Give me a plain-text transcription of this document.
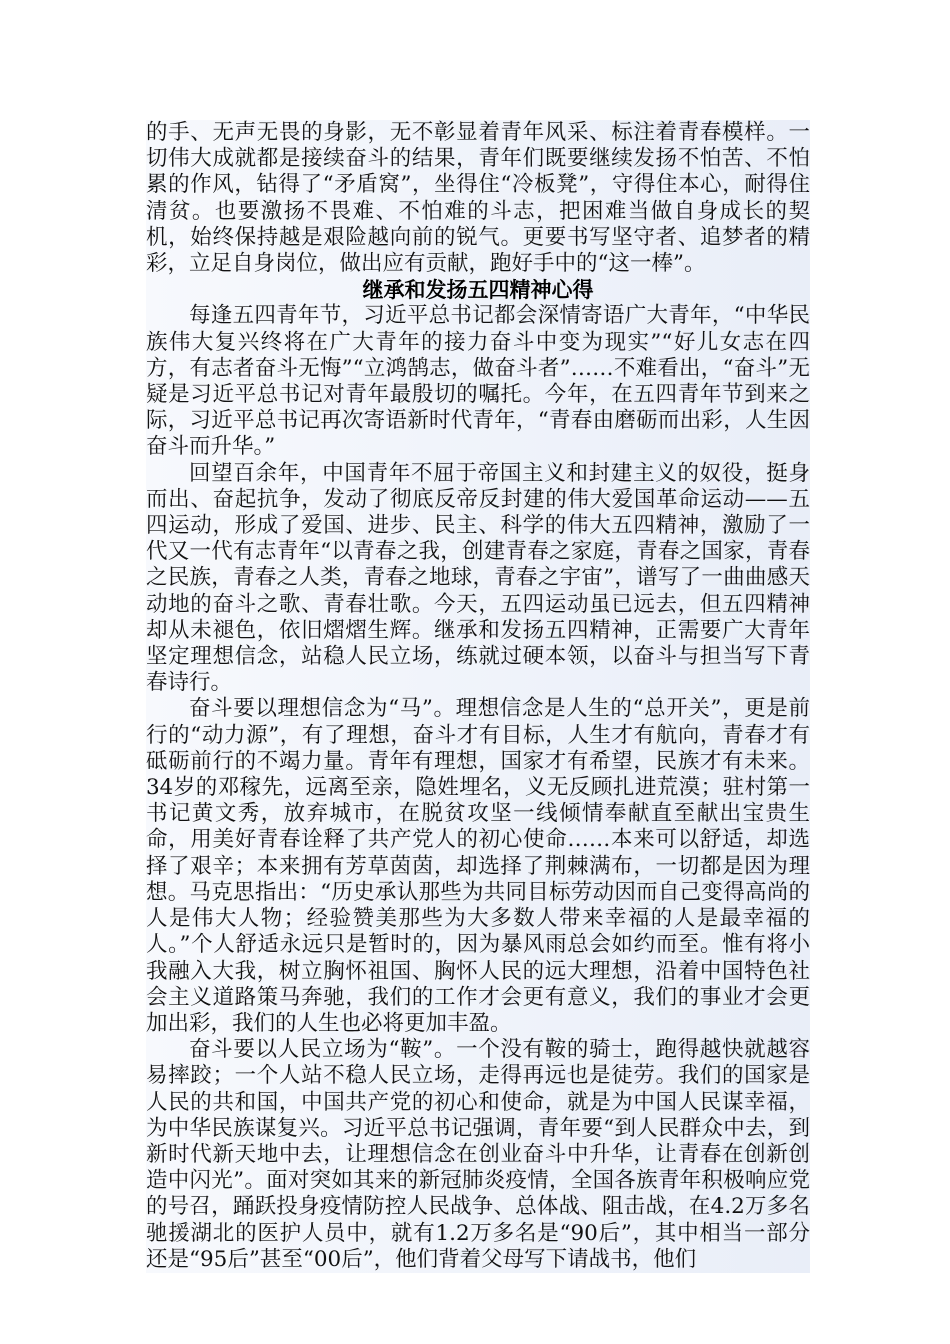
的手、无声无畏的身影，无不彰显着青年风采、标注着青春模样。一切伟大成就都是接续奋斗的结果，青年们既要继续发扬不怕苦、不怕累的作风，钻得了“矛盾窝”，坐得住“冷板凳”，守得住本心，耐得住清贫。也要激扬不畏难、不怕难的斗志，把困难当做自身成长的契机，始终保持越是艰险越向前的锐气。更要书写坚守者、追梦者的精彩，立足自身岗位，做出应有贡献，跑好手中的“这一棒”。

继承和发扬五四精神心得

每逢五四青年节，习近平总书记都会深情寄语广大青年，“中华民族伟大复兴终将在广大青年的接力奋斗中变为现实”“好儿女志在四方，有志者奋斗无悔”“立鸿鹄志，做奋斗者”……不难看出，“奋斗”无疑是习近平总书记对青年最殷切的嘱托。今年，在五四青年节到来之际，习近平总书记再次寄语新时代青年，“青春由磨砺而出彩，人生因奋斗而升华。”

回望百余年，中国青年不屈于帝国主义和封建主义的奴役，挺身而出、奋起抗争，发动了彻底反帝反封建的伟大爱国革命运动——五四运动，形成了爱国、进步、民主、科学的伟大五四精神，激励了一代又一代有志青年“以青春之我，创建青春之家庭，青春之国家，青春之民族，青春之人类，青春之地球，青春之宇宙”，谱写了一曲曲感天动地的奋斗之歌、青春壮歌。今天，五四运动虽已远去，但五四精神却从未褪色，依旧熠熠生辉。继承和发扬五四精神，正需要广大青年坚定理想信念，站稳人民立场，练就过硬本领，以奋斗与担当写下青春诗行。

奋斗要以理想信念为“马”。理想信念是人生的“总开关”，更是前行的“动力源”，有了理想，奋斗才有目标，人生才有航向，青春才有砥砺前行的不竭力量。青年有理想，国家才有希望，民族才有未来。34岁的邓稼先，远离至亲，隐姓埋名，义无反顾扎进荒漠；驻村第一书记黄文秀，放弃城市，在脱贫攻坚一线倾情奉献直至献出宝贵生命，用美好青春诠释了共产党人的初心使命……本来可以舒适，却选择了艰辛；本来拥有芳草茵茵，却选择了荆棘满布，一切都是因为理想。马克思指出：“历史承认那些为共同目标劳动因而自己变得高尚的人是伟大人物；经验赞美那些为大多数人带来幸福的人是最幸福的人。”个人舒适永远只是暂时的，因为暴风雨总会如约而至。惟有将小我融入大我，树立胸怀祖国、胸怀人民的远大理想，沿着中国特色社会主义道路策马奔驰，我们的工作才会更有意义，我们的事业才会更加出彩，我们的人生也必将更加丰盈。

奋斗要以人民立场为“鞍”。一个没有鞍的骑士，跑得越快就越容易摔跤；一个人站不稳人民立场，走得再远也是徒劳。我们的国家是人民的共和国，中国共产党的初心和使命，就是为中国人民谋幸福，为中华民族谋复兴。习近平总书记强调，青年要“到人民群众中去，到新时代新天地中去，让理想信念在创业奋斗中升华，让青春在创新创造中闪光”。面对突如其来的新冠肺炎疫情，全国各族青年积极响应党的号召，踊跃投身疫情防控人民战争、总体战、阻击战，在4.2万多名驰援湖北的医护人员中，就有1.2万多名是“90后”，其中相当一部分还是“95后”甚至“00后”，他们背着父母写下请战书，他们
